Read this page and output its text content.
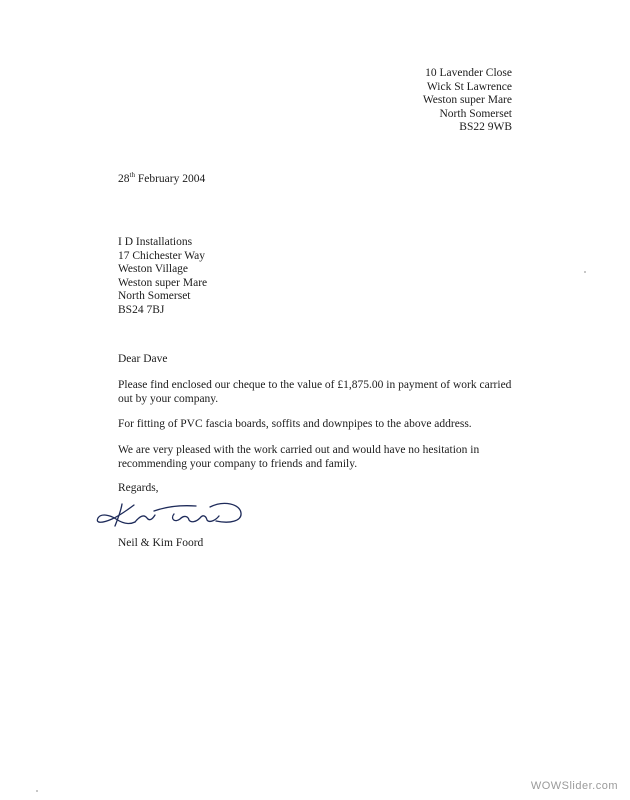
10 Lavender Close
Wick St Lawrence
Weston super Mare
North Somerset
BS22 9WB
28th February 2004
I D Installations
17 Chichester Way
Weston Village
Weston super Mare
North Somerset
BS24 7BJ
Dear Dave
Please find enclosed our cheque to the value of £1,875.00 in payment of work carried out by your company.
For fitting of PVC fascia boards, soffits and downpipes to the above address.
We are very pleased with the work carried out and would have no hesitation in recommending your company to friends and family.
Regards,
Neil & Kim Foord
WOWSlider.com
